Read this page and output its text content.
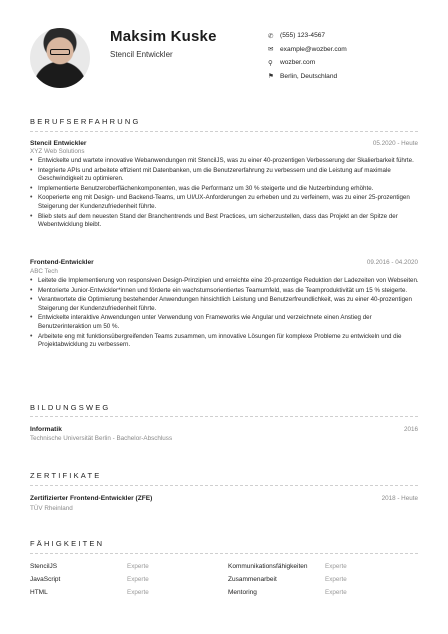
Maksim Kuske
Stencil Entwickler
✆ (555) 123-4567
✉ example@wozber.com
⚲	wozber.com
⚑ Berlin, Deutschland
BERUFSERFAHRUNG
Stencil Entwickler	05.2020 - Heute
XYZ Web Solutions
• Entwickelte und wartete innovative Webanwendungen mit StencilJS, was zu einer 40-prozentigen Verbesserung der Skalierbarkeit führte.
• Integrierte APIs und arbeitete effizient mit Datenbanken, um die Benutzererfahrung zu verbessern und die Leistung auf maximale Geschwindigkeit zu optimieren.
• Implementierte Benutzeroberflächenkomponenten, was die Performanz um 30 % steigerte und die Nutzerbindung erhöhte.
• Kooperierte eng mit Design- und Backend-Teams, um UI/UX-Anforderungen zu erheben und zu verfeinern, was zu einer 25-prozentigen Steigerung der Kundenzufriedenheit führte.
• Blieb stets auf dem neuesten Stand der Branchentrends und Best Practices, um sicherzustellen, dass das Projekt an der Spitze der Webentwicklung bleibt.
Frontend-Entwickler	09.2016 - 04.2020
ABC Tech
• Leitete die Implementierung von responsiven Design-Prinzipien und erreichte eine 20-prozentige Reduktion der Ladezeiten von Webseiten.
• Mentorierte Junior-Entwickler*innen und förderte ein wachstumsorientiertes Teamumfeld, was die Teamproduktivität um 15 % steigerte.
• Verantwortete die Optimierung bestehender Anwendungen hinsichtlich Leistung und Benutzerfreundlichkeit, was zu einer 40-prozentigen Steigerung der Kundenzufriedenheit führte.
• Entwickelte interaktive Anwendungen unter Verwendung von Frameworks wie Angular und verzeichnete einen Anstieg der Benutzerinteraktion um 50 %.
• Arbeitete eng mit funktionsübergreifenden Teams zusammen, um innovative Lösungen für komplexe Probleme zu entwickeln und die Projektabwicklung zu verbessern.
BILDUNGSWEG
Informatik	2016
Technische Universität Berlin - Bachelor-Abschluss
ZERTIFIKATE
Zertifizierter Frontend-Entwickler (ZFE)	2018 - Heute
TÜV Rheinland
FÄHIGKEITEN
StencilJS	Experte	Kommunikationsfähigkeiten	Experte
JavaScript	Experte	Zusammenarbeit	Experte
HTML	Experte	Mentoring	Experte
